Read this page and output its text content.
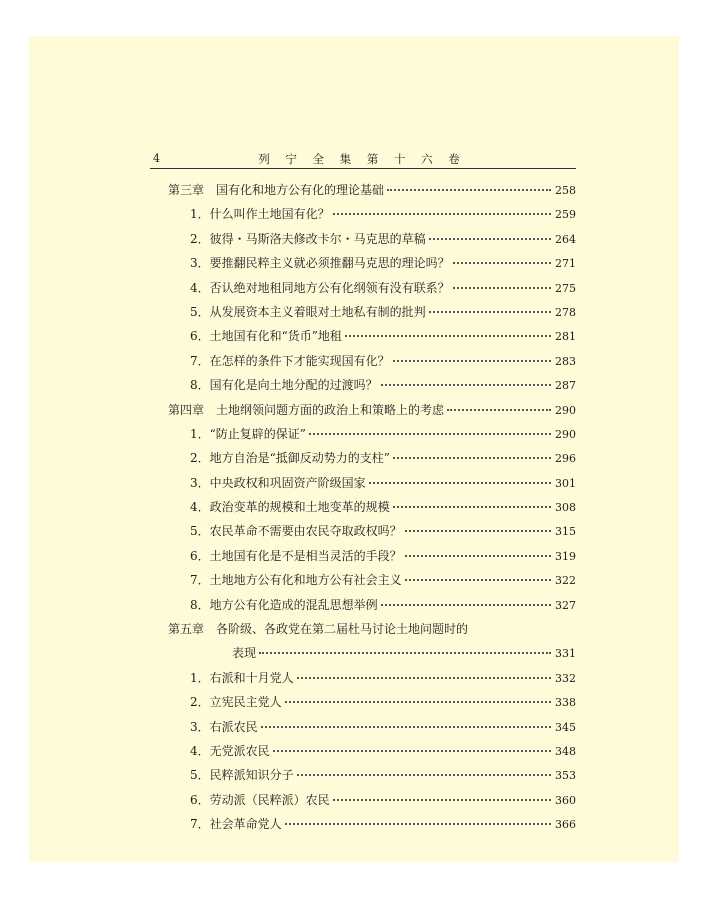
4	列 宁 全 集 第 十 六 卷
第三章 国有化和地方公有化的理论基础	258
1．什么叫作土地国有化？	259
2．彼得・马斯洛夫修改卡尔・马克思的草稿	264
3．要推翻民粹主义就必须推翻马克思的理论吗？	271
4．否认绝对地租同地方公有化纲领有没有联系？	275
5．从发展资本主义着眼对土地私有制的批判	278
6．土地国有化和“货币”地租	281
7．在怎样的条件下才能实现国有化？	283
8．国有化是向土地分配的过渡吗？	287
第四章 土地纲领问题方面的政治上和策略上的考虑	290
1．“防止复辟的保证”	290
2．地方自治是“抵御反动势力的支柱”	296
3．中央政权和巩固资产阶级国家	301
4．政治变革的规模和土地变革的规模	308
5．农民革命不需要由农民夺取政权吗？	315
6．土地国有化是不是相当灵活的手段？	319
7．土地地方公有化和地方公有社会主义	322
8．地方公有化造成的混乱思想举例	327
第五章 各阶级、各政党在第二届杜马讨论土地问题时的
表现	331
1．右派和十月党人	332
2．立宪民主党人	338
3．右派农民	345
4．无党派农民	348
5．民粹派知识分子	353
6．劳动派（民粹派）农民	360
7．社会革命党人	366
